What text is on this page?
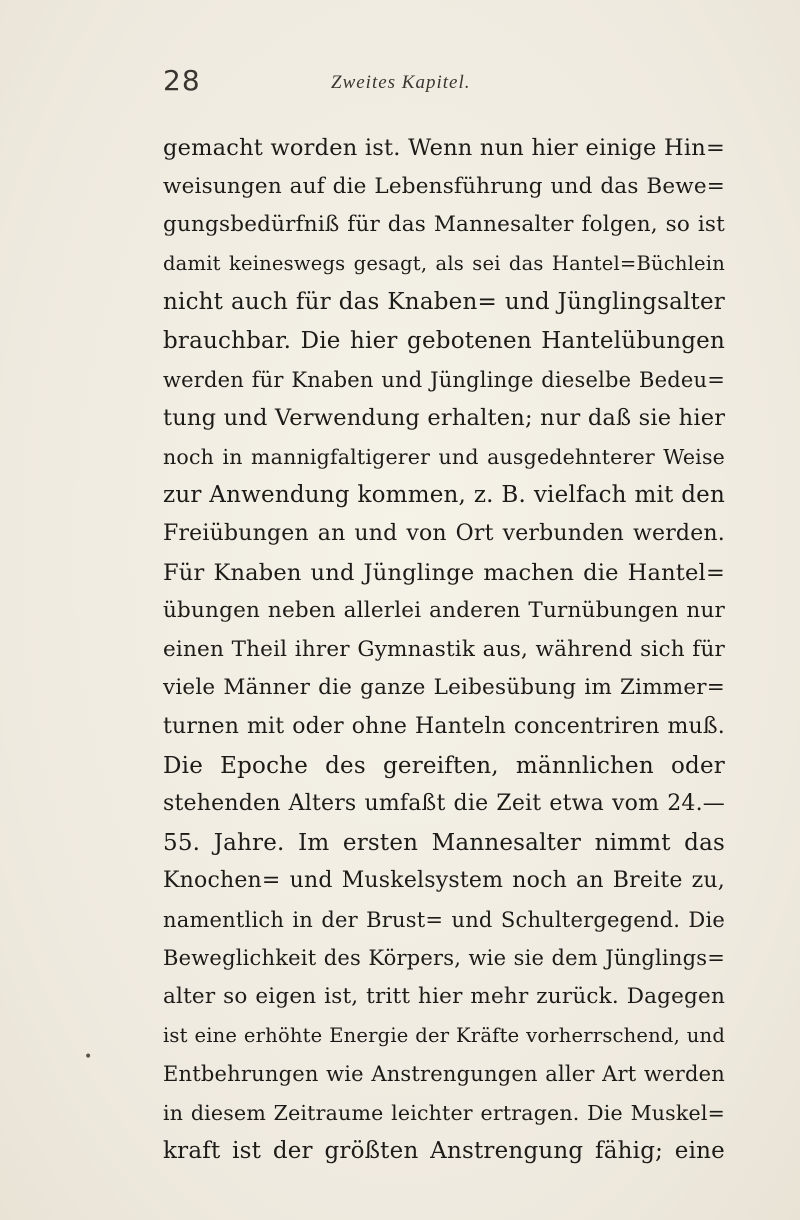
28	Zweites Kapitel.
gemacht worden ist. Wenn nun hier einige Hin=
weisungen auf die Lebensführung und das Bewe=
gungsbedürfniß für das Mannesalter folgen, so ist
damit keineswegs gesagt, als sei das Hantel=Büchlein
nicht auch für das Knaben= und Jünglingsalter
brauchbar. Die hier gebotenen Hantelübungen
werden für Knaben und Jünglinge dieselbe Bedeu=
tung und Verwendung erhalten; nur daß sie hier
noch in mannigfaltigerer und ausgedehnterer Weise
zur Anwendung kommen, z. B. vielfach mit den
Freiübungen an und von Ort verbunden werden.
Für Knaben und Jünglinge machen die Hantel=
übungen neben allerlei anderen Turnübungen nur
einen Theil ihrer Gymnastik aus, während sich für
viele Männer die ganze Leibesübung im Zimmer=
turnen mit oder ohne Hanteln concentriren muß.
Die Epoche des gereiften, männlichen oder
stehenden Alters umfaßt die Zeit etwa vom 24.—
55. Jahre. Im ersten Mannesalter nimmt das
Knochen= und Muskelsystem noch an Breite zu,
namentlich in der Brust= und Schultergegend. Die
Beweglichkeit des Körpers, wie sie dem Jünglings=
alter so eigen ist, tritt hier mehr zurück. Dagegen
ist eine erhöhte Energie der Kräfte vorherrschend, und
Entbehrungen wie Anstrengungen aller Art werden
in diesem Zeitraume leichter ertragen. Die Muskel=
kraft ist der größten Anstrengung fähig; eine
•
